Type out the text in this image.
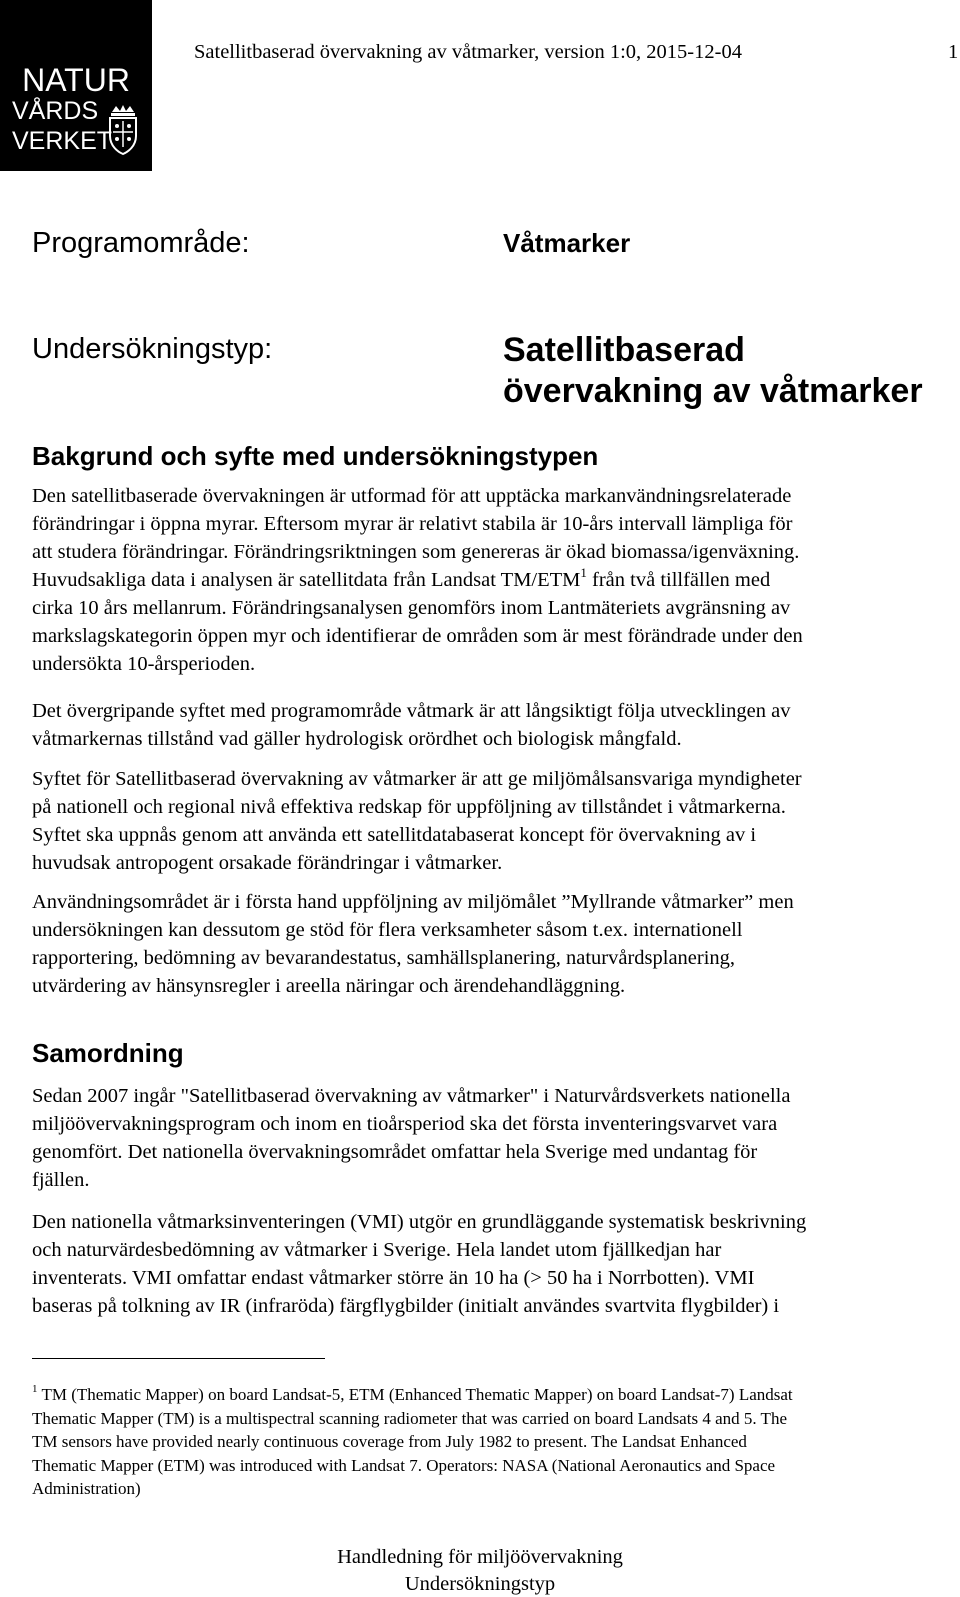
NATUR
VÅRDS
VERKET
Satellitbaserad övervakning av våtmarker, version 1:0, 2015-12-04	1
Programområde:	Våtmarker
Undersökningstyp:	Satellitbaserad
övervakning av våtmarker
Bakgrund och syfte med undersökningstypen
Den satellitbaserade övervakningen är utformad för att upptäcka markanvändningsrelaterade
förändringar i öppna myrar. Eftersom myrar är relativt stabila är 10-års intervall lämpliga för
att studera förändringar. Förändringsriktningen som genereras är ökad biomassa/igenväxning.
Huvudsakliga data i analysen är satellitdata från Landsat TM/ETM$^1$ från två tillfällen med
cirka 10 års mellanrum. Förändringsanalysen genomförs inom Lantmäteriets avgränsning av
markslagskategorin öppen myr och identifierar de områden som är mest förändrade under den
undersökta 10-årsperioden.
Det övergripande syftet med programområde våtmark är att långsiktigt följa utvecklingen av
våtmarkernas tillstånd vad gäller hydrologisk orördhet och biologisk mångfald.
Syftet för Satellitbaserad övervakning av våtmarker är att ge miljömålsansvariga myndigheter
på nationell och regional nivå effektiva redskap för uppföljning av tillståndet i våtmarkerna.
Syftet ska uppnås genom att använda ett satellitdatabaserat koncept för övervakning av i
huvudsak antropogent orsakade förändringar i våtmarker.
Användningsområdet är i första hand uppföljning av miljömålet ”Myllrande våtmarker” men
undersökningen kan dessutom ge stöd för flera verksamheter såsom t.ex. internationell
rapportering, bedömning av bevarandestatus, samhällsplanering, naturvårdsplanering,
utvärdering av hänsynsregler i areella näringar och ärendehandläggning.
Samordning
Sedan 2007 ingår "Satellitbaserad övervakning av våtmarker" i Naturvårdsverkets nationella
miljöövervakningsprogram och inom en tioårsperiod ska det första inventeringsvarvet vara
genomfört. Det nationella övervakningsområdet omfattar hela Sverige med undantag för
fjällen.
Den nationella våtmarksinventeringen (VMI) utgör en grundläggande systematisk beskrivning
och naturvärdesbedömning av våtmarker i Sverige. Hela landet utom fjällkedjan har
inventerats. VMI omfattar endast våtmarker större än 10 ha (> 50 ha i Norrbotten). VMI
baseras på tolkning av IR (infraröda) färgflygbilder (initialt användes svartvita flygbilder) i
$^1$ TM (Thematic Mapper) on board Landsat-5, ETM (Enhanced Thematic Mapper) on board Landsat-7) Landsat
Thematic Mapper (TM) is a multispectral scanning radiometer that was carried on board Landsats 4 and 5. The
TM sensors have provided nearly continuous coverage from July 1982 to present. The Landsat Enhanced
Thematic Mapper (ETM) was introduced with Landsat 7. Operators: NASA (National Aeronautics and Space
Administration)
Handledning för miljöövervakning
Undersökningstyp
